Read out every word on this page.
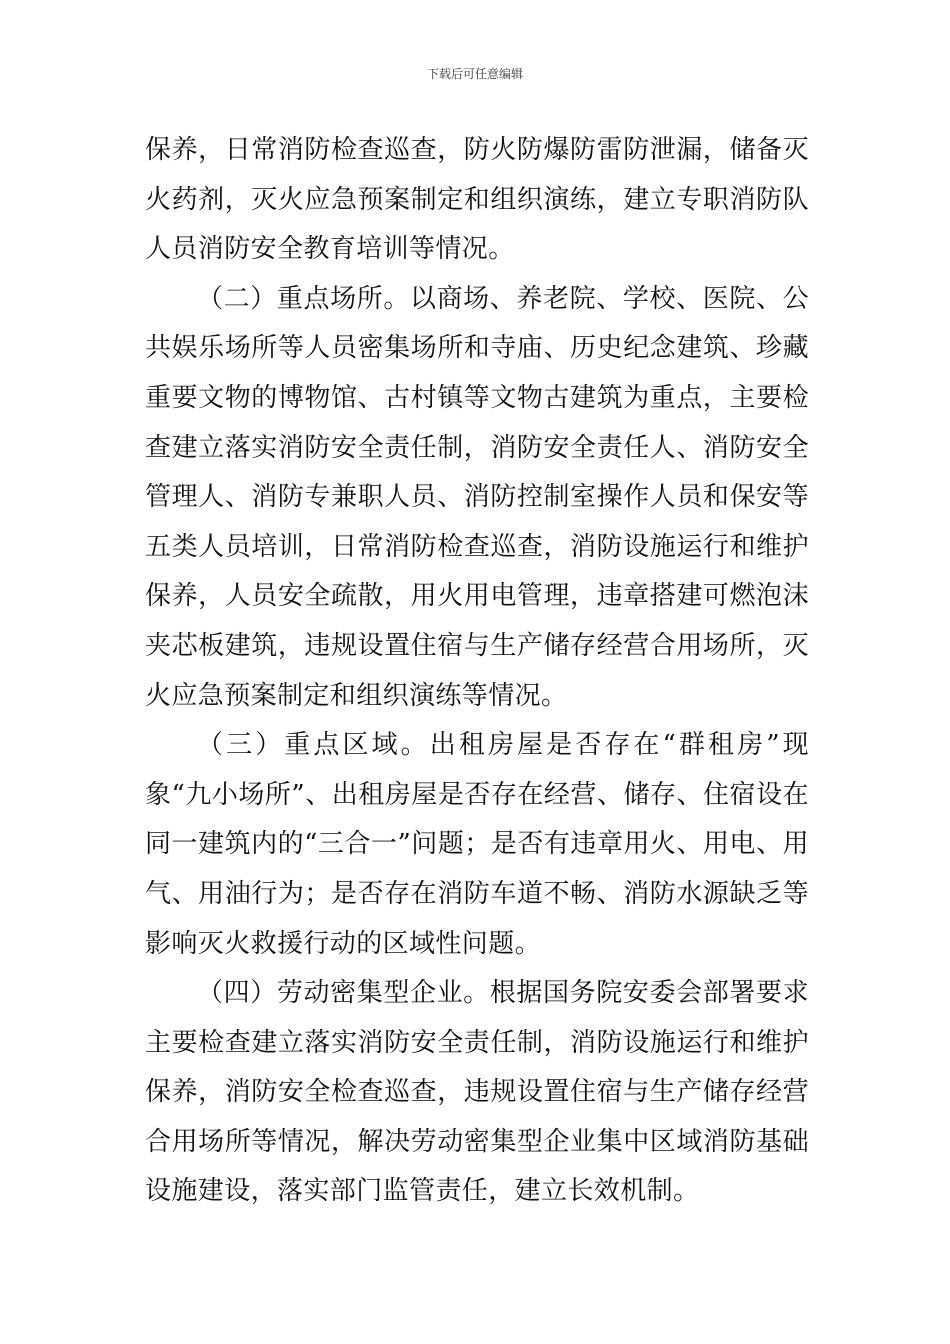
下载后可任意编辑

保养，日常消防检查巡查，防火防爆防雷防泄漏，储备灭火药剂，灭火应急预案制定和组织演练，建立专职消防队人员消防安全教育培训等情况。

（二）重点场所。以商场、养老院、学校、医院、公共娱乐场所等人员密集场所和寺庙、历史纪念建筑、珍藏重要文物的博物馆、古村镇等文物古建筑为重点，主要检查建立落实消防安全责任制，消防安全责任人、消防安全管理人、消防专兼职人员、消防控制室操作人员和保安等五类人员培训，日常消防检查巡查，消防设施运行和维护保养，人员安全疏散，用火用电管理，违章搭建可燃泡沫夹芯板建筑，违规设置住宿与生产储存经营合用场所，灭火应急预案制定和组织演练等情况。

（三）重点区域。出租房屋是否存在“群租房”现象“九小场所”、出租房屋是否存在经营、储存、住宿设在同一建筑内的“三合一”问题；是否有违章用火、用电、用气、用油行为；是否存在消防车道不畅、消防水源缺乏等影响灭火救援行动的区域性问题。

（四）劳动密集型企业。根据国务院安委会部署要求主要检查建立落实消防安全责任制，消防设施运行和维护保养，消防安全检查巡查，违规设置住宿与生产储存经营合用场所等情况，解决劳动密集型企业集中区域消防基础设施建设，落实部门监管责任，建立长效机制。
